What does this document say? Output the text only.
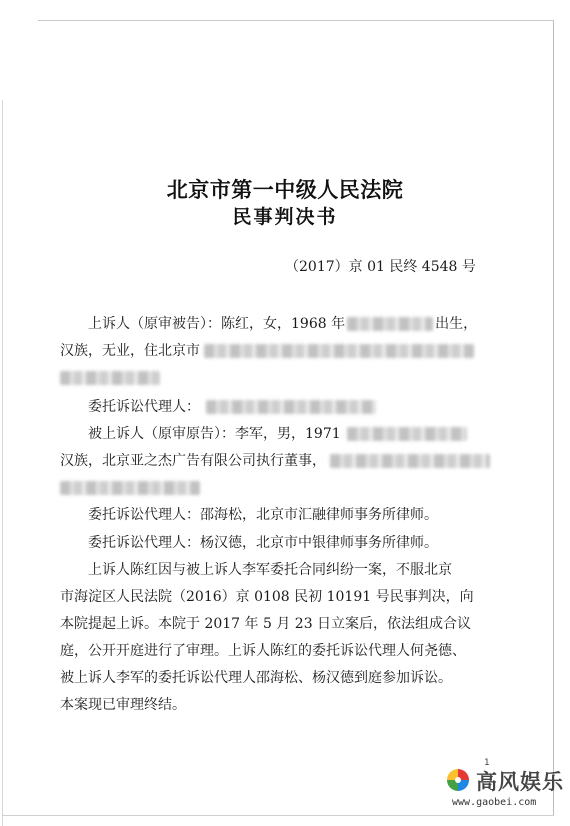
北京市第一中级人民法院
民事判决书
（2017）京 01 民终 4548 号
上诉人（原审被告）：陈红，女，1968 年	出生，
汉族，无业，住北京市
委托诉讼代理人：
被上诉人（原审原告）：李军，男，1971
汉族，北京亚之杰广告有限公司执行董事，
委托诉讼代理人：邵海松，北京市汇融律师事务所律师。
委托诉讼代理人：杨汉德，北京市中银律师事务所律师。
上诉人陈红因与被上诉人李军委托合同纠纷一案，不服北京
市海淀区人民法院（2016）京 0108 民初 10191 号民事判决，向
本院提起上诉。本院于 2017 年 5 月 23 日立案后，依法组成合议
庭，公开开庭进行了审理。上诉人陈红的委托诉讼代理人何尧德、
被上诉人李军的委托诉讼代理人邵海松、杨汉德到庭参加诉讼。
本案现已审理终结。
1
高风娱乐
www.gaobei.com
